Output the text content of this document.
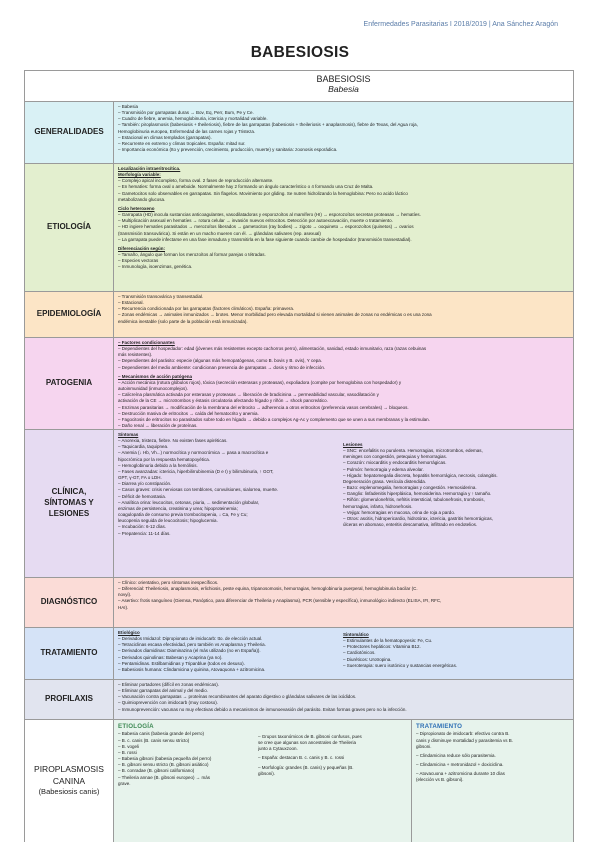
Enfermedades Parasitarias I 2018/2019 | Ana Sánchez Aragón
BABESIOSIS
BABESIOSIS
Babesia
GENERALIDADES
– Babesia
– Transmisión por garrapatas duras → Bov, Eq, Perr, Bum, Pe y Ce.
– Cuadro de fiebre, anemia, hemoglobinuria, ictericia y mortalidad variable.
– También: piroplasmosis (babesiosis + theileriosis), fiebre de las garrapatas (babesiosis + theileriosis + anaplasmosis), fiebre de Texas, del Agua roja,
Hemoglobinuria europea, Enfermedad de las carnes rojas y Tristeza.
– Estacional en climas templados (garrapatas).
– Recurrente en extremo y climas tropicales. España: mitad sur.
– Importancia económica (Ito y prevención, crecimiento, producción, muerte) y sanitaria: zoonosis esporádica.
ETIOLOGÍA
Localización intraeritrocítica.
Morfología variable:
– Complejo apical incompleto, forma oval. 2 fases de reproducción alternante.
– En hematíes: forma oval o ameboide. Normalmente hay 2 formando un ángulo característico o 4 formando una Cruz de Malta.
– Gametocitos solo observables en garrapatas. Sin flagelos. Movimiento por gliding. Se nutren hidrolizando la hemoglobina: Pero no acido láctico
metabolizando glucosa.
Ciclo heteroxeno
– Garrapata (HD) inocula sustancias anticoagulantes, vasodilatadoras y esporozoítos al mamífero (HI) → esporozoítos secretan proteasas → hematíes.
– Multiplicación asexual en hematíes → rotura celular → invasión nuevos eritrocitos. Detección por autoexcavación, muerte o tratamiento.
– HD ingiere hematíes parasitados → merozoítos liberados → gametocitos (ray bodies) → zigoto → ooquineto → esporozoítos (quinetos) → ovarios
(transmisión transovárica). Si están en un macho mueren con él. → glándulas salivares (rep. asexual)
– La garrapata puede infectarse en una fase inmadura y transmitirla en la fase siguiente cuando cambie de hospedador (transmisión transestadial).
Diferenciación según:
– Tamaño, ángulo que forman los merozoítos al formar parejas o tétradas.
– Especies vectoras
– Inmunología, isoenzimas, genética.
EPIDEMIOLOGÍA
– Transmisión transovárica y transestadial.
– Estacional.
– Recurrencia condicionada por las garrapatas (factores climáticos). España: primavera.
– Zonas endémicas → animales inmunizados → brotes. Menor morbilidad pero elevada mortalidad si vienen animales de zonas no endémicas o es una zona
endémica inestable (solo parte de la población está inmunizada).
PATOGENIA
– Factores condicionantes
– Dependientes del hospedador: edad (jóvenes más resistentes excepto cachorros perro), alimentación, sanidad, estado inmunitario, raza (razas cebuinas
más resistentes).
– Dependientes del parásito: especie (algunas más hemopatógenas, como B. bovis y B. ovis), Y cepa.
– Dependientes del medio ambiente: condicionan presencia de garrapatas → dosis y ritmo de infección.
– Mecanismos de acción patógena
– Acción mecánica (rotura glóbulos rojos), tóxica (secreción esterasas y proteasas), expoliadora (compite por hemoglobina con hospedador) y
autoinmunidad (inmunocomplejos).
– Calicreína plasmática activada por esterasas y proteasas → liberación de bradicinina → permeabilidad vascular, vasodilatación y
activación de la CE → microtrombos y éstasis circulatoria afectando hígado y riñón → shock pancreático.
– Enzimas parasitarias → modificación de la membrana del eritrocito → adherencia a otros eritrocitos (preferencia vasos cerebrales) → bloqueos.
– Destrucción masiva de eritrocitos → caída del hematocrito y anemia.
– Fagocitosis de eritrocitos no parasitados sobre todo en hígado → debido a complejos Ag-Ac y complemento que se unen a sus membranas y la estimulan.
– Daño renal → liberación de proteínas.
CLÍNICA,
SÍNTOMAS Y
LESIONES
Síntomas
– Anorexia, tristeza, fiebre. No existen fases apiréticas.
– Taquicardia, taquipnea.
– Anemia (↓ Hb, Vh...) normocítica y normocrómica → pasa a macrocítica e
hipocrómica por la respuesta hematopoyética.
– Hemoglobinuria debido a la hemólisis.
– Fases avanzadas: ictericia, hiperbilirrubinemia (D e I) y bilirrubinuria, ↑ GOT,
GPT, γ-GT, FA o LDH.
– Diarrea y/o constipación.
– Casos graves: crisis nerviosas con temblores, convulsiones, sialorrea, muerte.
– Déficit de hemostasia.
– Analítica orina: leucocitos, cetonas, piuria, ... sedimentación globular,
enzimas de persistencia, creatinina y urea; hipoproteinemia;
coagulopatía de consumo previa trombocitopenia, ↓ Ca, Fe y Cu;
leucopenia seguida de leucocitosis; hipoglucemia.
– Incubación: 6-12 días.
– Prepatencia: 11-14 días.
Lesiones
– SNC: encefalitis no purulenta. Hemorragias, microtrombos, edemas,
meninges con congestión, petequias y hemorragias.
– Corazón: miocarditis y endocarditis hemorrágicas.
– Pulmón: hemorragia y edema alveolar.
– Hígado: hepatomegalia discreta, hepatitis hemorrágica, necrosis, colangitis.
Degeneración grasa. Vesícula distendida.
– Bazo: esplenomegalia, hemorragias y congestión. Hemosiderina.
– Ganglio: linfadenitis hiperplásica, hemosiderina. Hemorragia y ↑ tamaño.
– Riñón: glomerulonefritis, nefritis intersticial, tubulonefrosis, trombosis,
hemorragias, infarto, hidronefrosis.
– Vejiga: hemorragias en mucosa, orina de roja a pardo.
– Otros: ascitis, hidropericardio, hidrotórax, ictericia, gastritis hemorrágicas,
úlceras en abomaso, enteritis descamativa, infiltrado en endotelios.
DIAGNÓSTICO
– Clínico: orientativo, pero síntomas inespecíficos.
– Diferencial: Theileriosis, anaplasmosis, erlichiosis, peste equina, tripanosomosis, hemorragias, hemoglobinuria puerperal, hemoglobinuria bacilar (C.
novyi).
– Asertivo: frotis sanguíneo (Giemsa, Panóptico, para diferenciar de Theileria y Anaplasma), PCR (sensible y específica), inmunológico indirecto (ELISA, IFI, RFC,
HAI).
TRATAMIENTO
Etiológico
– Derivados Imidazol: Dipropionato de imidocarb: tto. de elección actual.
– Tetraciclinas escasa efectividad, pero también vs Anaplasma y Theileria.
– Derivados diamidinas: Diaminazina (el más utilizado (no en España)).
– Derivados quinolinas: Babesan y Acaprina (ya no).
– Pentamidinas. Estilbamidinas y Tripanblue (todos en desuso).
– Babesiosis humana: Clindamicina y quinina, Atovaquona + azitromicina.
Sintomático
– Estimulantes de la hematopoyesis: Fe, Cu.
– Protectores hepáticos: Vitamina B12.
– Cardiotónicos.
– Diuréticos: Urotropina.
– Sueroterapia: suero isotónico y sustancias energéticas.
PROFILAXIS
– Eliminar portadores (difícil en zonas endémicas).
– Eliminar garrapatas del animal y del medio.
– Vacunación contra garrapatas → proteínas recombinantes del aparato digestivo o glándulas salivares de las ixódidos.
– Quimioprevención con imidocarb (muy costoso).
– Inmunoprevención: vacunas no muy efectivas debido a mecanismos de inmunoevasión del parásito. Evitan formas graves pero no la infección.
PIROPLASMOSIS
CANINA
(Babesiosis canis)
ETIOLOGÍA
– Babesia canis (babesia grande del perro)
– B. c. canis (B. canis sensu stricto)
– B. vogeli
– B. rossi
– Babesia gibsoni (babesia pequeña del perro)
– B. gibsoni sensu stricto (B. gibsoni asiático)
– B. conradae (B. gibsoni californiano)
– Theileria annae (B. gibsoni europeo) → más
grave.
– Grupos taxonómicos de B. gibsoni confusos, pues
se cree que algunas son ancestrales de Theileria
junto a Cytauxzoon.
– España: destacan B. c. canis y B. c. rossi
– Morfología: grandes (B. canis) y pequeñas (B.
gibsoni).
TRATAMIENTO
– Dipropionato de imidocarb: efectivo contra B.
canis y disminuye mortalidad y parasitemia vs B.
gibsoni.
– Clindamicina reduce sólo parasitemia.
– Clindamicina + metronidazol + doxiciclina.
– Atovacuona + azitromicina durante 10 días
(elección vs B. gibsoni).
